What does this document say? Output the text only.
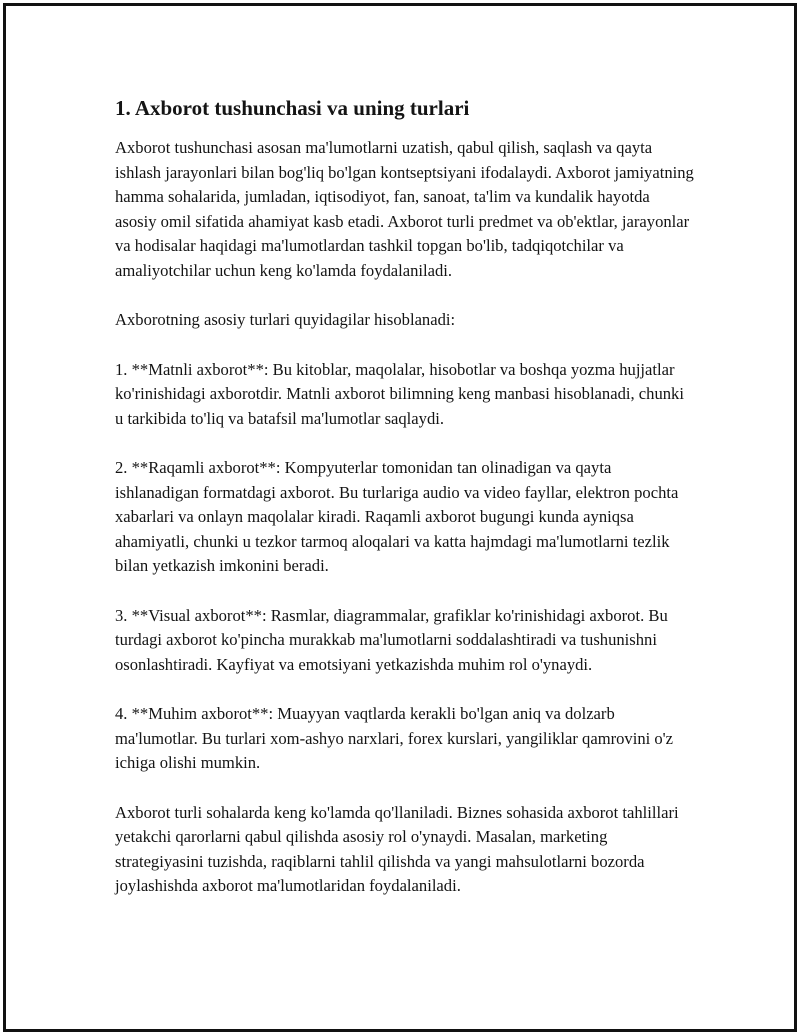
1. Axborot tushunchasi va uning turlari

Axborot tushunchasi asosan ma'lumotlarni uzatish, qabul qilish, saqlash va qayta ishlash jarayonlari bilan bog'liq bo'lgan kontseptsiyani ifodalaydi. Axborot jamiyatning hamma sohalarida, jumladan, iqtisodiyot, fan, sanoat, ta'lim va kundalik hayotda asosiy omil sifatida ahamiyat kasb etadi. Axborot turli predmet va ob'ektlar, jarayonlar va hodisalar haqidagi ma'lumotlardan tashkil topgan bo'lib, tadqiqotchilar va amaliyotchilar uchun keng ko'lamda foydalaniladi.

Axborotning asosiy turlari quyidagilar hisoblanadi:

1. **Matnli axborot**: Bu kitoblar, maqolalar, hisobotlar va boshqa yozma hujjatlar ko'rinishidagi axborotdir. Matnli axborot bilimning keng manbasi hisoblanadi, chunki u tarkibida to'liq va batafsil ma'lumotlar saqlaydi.

2. **Raqamli axborot**: Kompyuterlar tomonidan tan olinadigan va qayta ishlanadigan formatdagi axborot. Bu turlariga audio va video fayllar, elektron pochta xabarlari va onlayn maqolalar kiradi. Raqamli axborot bugungi kunda ayniqsa ahamiyatli, chunki u tezkor tarmoq aloqalari va katta hajmdagi ma'lumotlarni tezlik bilan yetkazish imkonini beradi.

3. **Visual axborot**: Rasmlar, diagrammalar, grafiklar ko'rinishidagi axborot. Bu turdagi axborot ko'pincha murakkab ma'lumotlarni soddalashtiradi va tushunishni osonlashtiradi. Kayfiyat va emotsiyani yetkazishda muhim rol o'ynaydi.

4. **Muhim axborot**: Muayyan vaqtlarda kerakli bo'lgan aniq va dolzarb ma'lumotlar. Bu turlari xom-ashyo narxlari, forex kurslari, yangiliklar qamrovini o'z ichiga olishi mumkin.

Axborot turli sohalarda keng ko'lamda qo'llaniladi. Biznes sohasida axborot tahlillari yetakchi qarorlarni qabul qilishda asosiy rol o'ynaydi. Masalan, marketing strategiyasini tuzishda, raqiblarni tahlil qilishda va yangi mahsulotlarni bozorda joylashishda axborot ma'lumotlaridan foydalaniladi.
